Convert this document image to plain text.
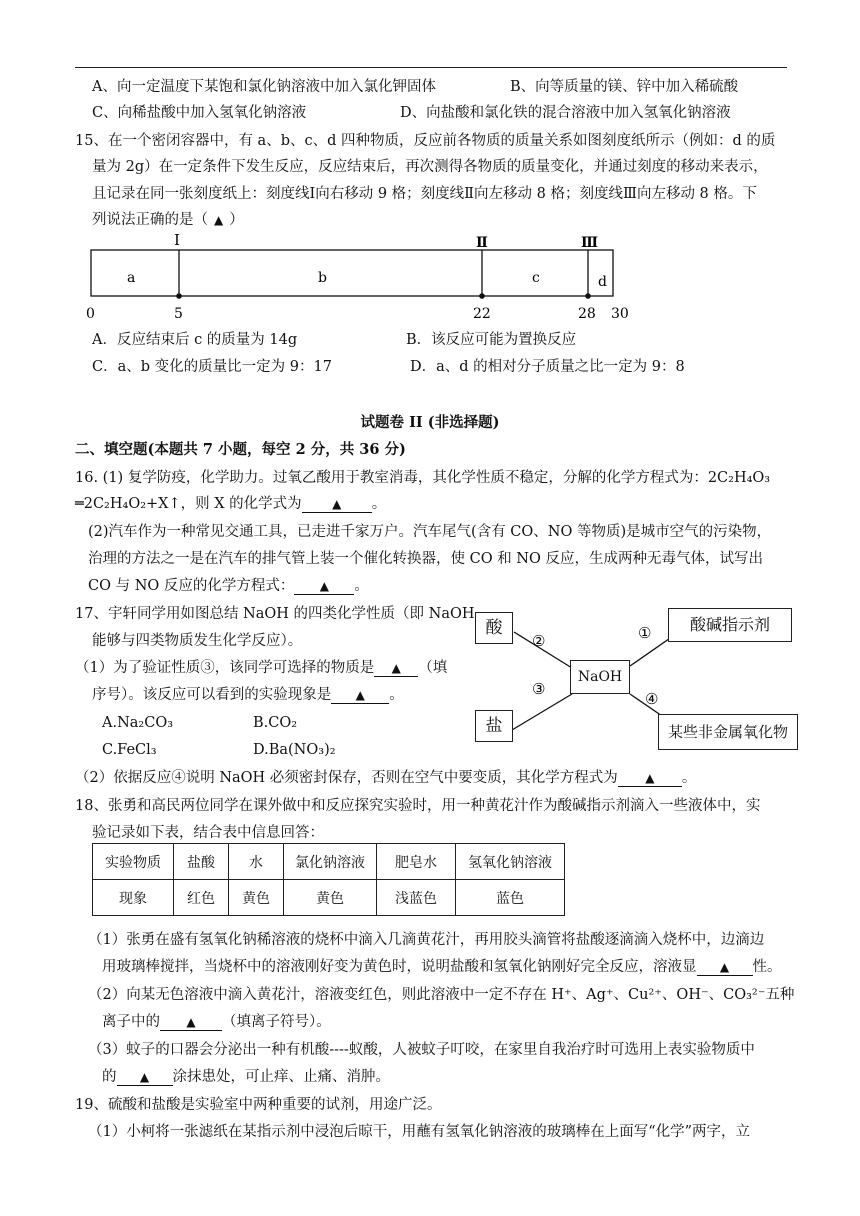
A、向一定温度下某饱和氯化钠溶液中加入氯化钾固体	B、向等质量的镁、锌中加入稀硫酸
C、向稀盐酸中加入氢氧化钠溶液	D、向盐酸和氯化铁的混合溶液中加入氢氧化钠溶液
15、在一个密闭容器中，有 a、b、c、d 四种物质，反应前各物质的质量关系如图刻度纸所示（例如：d 的质
量为 2g）在一定条件下发生反应，反应结束后，再次测得各物质的质量变化，并通过刻度的移动来表示，
且记录在同一张刻度纸上：刻度线Ⅰ向右移动 9 格；刻度线Ⅱ向左移动 8 格；刻度线Ⅲ向左移动 8 格。下
列说法正确的是（ ▲ ）
Ⅰ	Ⅱ	Ⅲ
a	b	c	d
0	5	22	28 30
A．反应结束后 c 的质量为 14g	B．该反应可能为置换反应
C．a、b 变化的质量比一定为 9：17	D．a、d 的相对分子质量之比一定为 9：8
试题卷 II (非选择题)
二、填空题(本题共 7 小题，每空 2 分，共 36 分)
16. (1) 复学防疫，化学助力。过氧乙酸用于教室消毒，其化学性质不稳定，分解的化学方程式为：2C₂H₄O₃
═2C₂H₄O₂+X↑，则 X 的化学式为	▲ 。
(2)汽车作为一种常见交通工具，已走进千家万户。汽车尾气(含有 CO、NO 等物质)是城市空气的污染物，
治理的方法之一是在汽车的排气管上装一个催化转换器，使 CO 和 NO 反应，生成两种无毒气体，试写出
CO 与 NO 反应的化学方程式： ▲ 。
17、宇轩同学用如图总结 NaOH 的四类化学性质（即 NaOH
能够与四类物质发生化学反应）。
（1）为了验证性质③，该同学可选择的物质是 ▲ （填
序号）。该反应可以看到的实验现象是 ▲ 。
A.Na₂CO₃	B.CO₂
C.FeCl₃	D.Ba(NO₃)₂
（2）依据反应④说明 NaOH 必须密封保存，否则在空气中要变质，其化学方程式为 ▲ 。
②	①
③
④
酸	酸碱指示剂
NaOH
盐	某些非金属氧化物
18、张勇和高民两位同学在课外做中和反应探究实验时，用一种黄花汁作为酸碱指示剂滴入一些液体中，实
验记录如下表，结合表中信息回答：
实验物质	盐酸	水	氯化钠溶液	肥皂水	氢氧化钠溶液
现象	红色	黄色	黄色	浅蓝色	蓝色
（1）张勇在盛有氢氧化钠稀溶液的烧杯中滴入几滴黄花汁，再用胶头滴管将盐酸逐滴滴入烧杯中，边滴边
用玻璃棒搅拌，当烧杯中的溶液刚好变为黄色时，说明盐酸和氢氧化钠刚好完全反应，溶液显 ▲ 性。
（2）向某无色溶液中滴入黄花汁，溶液变红色，则此溶液中一定不存在 H⁺、Ag⁺、Cu²⁺、OH⁻、CO₃²⁻五种
离子中的 ▲ （填离子符号）。
（3）蚊子的口器会分泌出一种有机酸----蚁酸，人被蚊子叮咬，在家里自我治疗时可选用上表实验物质中
的 ▲ 涂抹患处，可止痒、止痛、消肿。
19、硫酸和盐酸是实验室中两种重要的试剂，用途广泛。
（1）小柯将一张滤纸在某指示剂中浸泡后晾干，用蘸有氢氧化钠溶液的玻璃棒在上面写“化学”两字，立
